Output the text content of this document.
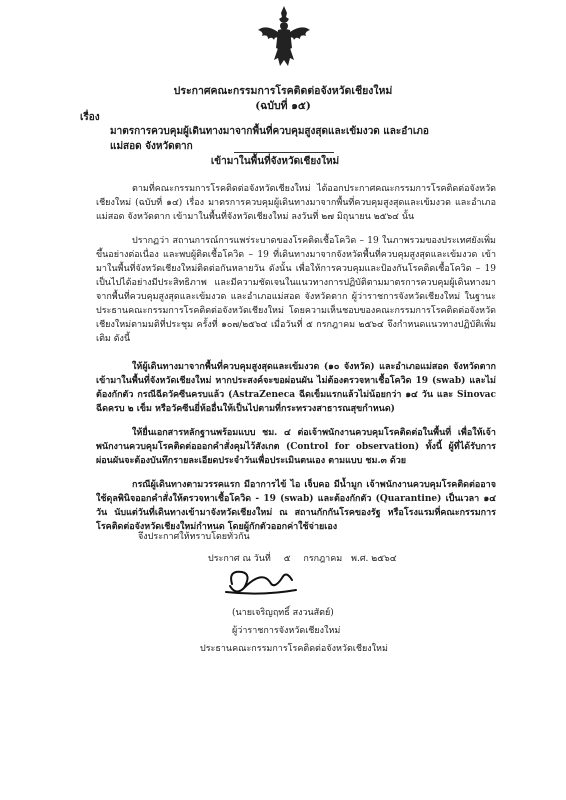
ประกาศคณะกรรมการโรคติดต่อจังหวัดเชียงใหม่
(ฉบับที่ ๑๕)
เรื่อง
มาตรการควบคุมผู้เดินทางมาจากพื้นที่ควบคุมสูงสุดและเข้มงวด และอำเภอแม่สอด จังหวัดตาก
เข้ามาในพื้นที่จังหวัดเชียงใหม่

ตามที่คณะกรรมการโรคติดต่อจังหวัดเชียงใหม่ ได้ออกประกาศคณะกรรมการโรคติดต่อจังหวัดเชียงใหม่ (ฉบับที่ ๑๔) เรื่อง มาตรการควบคุมผู้เดินทางมาจากพื้นที่ควบคุมสูงสุดและเข้มงวด และอำเภอแม่สอด จังหวัดตาก เข้ามาในพื้นที่จังหวัดเชียงใหม่ ลงวันที่ ๒๗ มิถุนายน ๒๕๖๔ นั้น

ปรากฏว่า สถานการณ์การแพร่ระบาดของโรคติดเชื้อโควิด – 19 ในภาพรวมของประเทศยังเพิ่มขึ้นอย่างต่อเนื่อง และพบผู้ติดเชื้อโควิด – 19 ที่เดินทางมาจากจังหวัดพื้นที่ควบคุมสูงสุดและเข้มงวด เข้ามาในพื้นที่จังหวัดเชียงใหม่ติดต่อกันหลายวัน ดังนั้น เพื่อให้การควบคุมและป้องกันโรคติดเชื้อโควิด – 19 เป็นไปได้อย่างมีประสิทธิภาพ และมีความชัดเจนในแนวทางการปฏิบัติตามมาตรการควบคุมผู้เดินทางมาจากพื้นที่ควบคุมสูงสุดและเข้มงวด และอำเภอแม่สอด จังหวัดตาก ผู้ว่าราชการจังหวัดเชียงใหม่ ในฐานะประธานคณะกรรมการโรคติดต่อจังหวัดเชียงใหม่ โดยความเห็นชอบของคณะกรรมการโรคติดต่อจังหวัดเชียงใหม่ตามมติที่ประชุม ครั้งที่ ๑๐๗/๒๕๖๔ เมื่อวันที่ ๕ กรกฎาคม ๒๕๖๔ จึงกำหนดแนวทางปฏิบัติเพิ่มเติม ดังนี้

ให้ผู้เดินทางมาจากพื้นที่ควบคุมสูงสุดและเข้มงวด (๑๐ จังหวัด) และอำเภอแม่สอด จังหวัดตาก เข้ามาในพื้นที่จังหวัดเชียงใหม่ หากประสงค์จะขอผ่อนผัน ไม่ต้องตรวจหาเชื้อโควิด 19 (swab) และไม่ต้องกักตัว กรณีฉีดวัคซีนครบแล้ว (AstraZeneca ฉีดเข็มแรกแล้วไม่น้อยกว่า ๑๔ วัน และ Sinovac ฉีดครบ ๒ เข็ม หรือวัคซีนยี่ห้ออื่นให้เป็นไปตามที่กระทรวงสาธารณสุขกำหนด)

ให้ยื่นเอกสารหลักฐานพร้อมแบบ ชม. ๔ ต่อเจ้าพนักงานควบคุมโรคติดต่อในพื้นที่ เพื่อให้เจ้าพนักงานควบคุมโรคติดต่อออกคำสั่งคุมไว้สังเกต (Control for observation) ทั้งนี้ ผู้ที่ได้รับการผ่อนผันจะต้องบันทึกรายละเอียดประจำวันเพื่อประเมินตนเอง ตามแบบ ชม.๓ ด้วย

กรณีผู้เดินทางตามวรรคแรก มีอาการไข้ ไอ เจ็บคอ มีน้ำมูก เจ้าพนักงานควบคุมโรคติดต่ออาจใช้ดุลพินิจออกคำสั่งให้ตรวจหาเชื้อโควิด - 19 (swab) และต้องกักตัว (Quarantine) เป็นเวลา ๑๔ วัน นับแต่วันที่เดินทางเข้ามาจังหวัดเชียงใหม่ ณ สถานกักกันโรคของรัฐ หรือโรงแรมที่คณะกรรมการโรคติดต่อจังหวัดเชียงใหม่กำหนด โดยผู้กักตัวออกค่าใช้จ่ายเอง

จึงประกาศให้ทราบโดยทั่วกัน
ประกาศ ณ วันที่ ๕ กรกฎาคม พ.ศ. ๒๕๖๔
(นายเจริญฤทธิ์ สงวนสัตย์)
ผู้ว่าราชการจังหวัดเชียงใหม่
ประธานคณะกรรมการโรคติดต่อจังหวัดเชียงใหม่
